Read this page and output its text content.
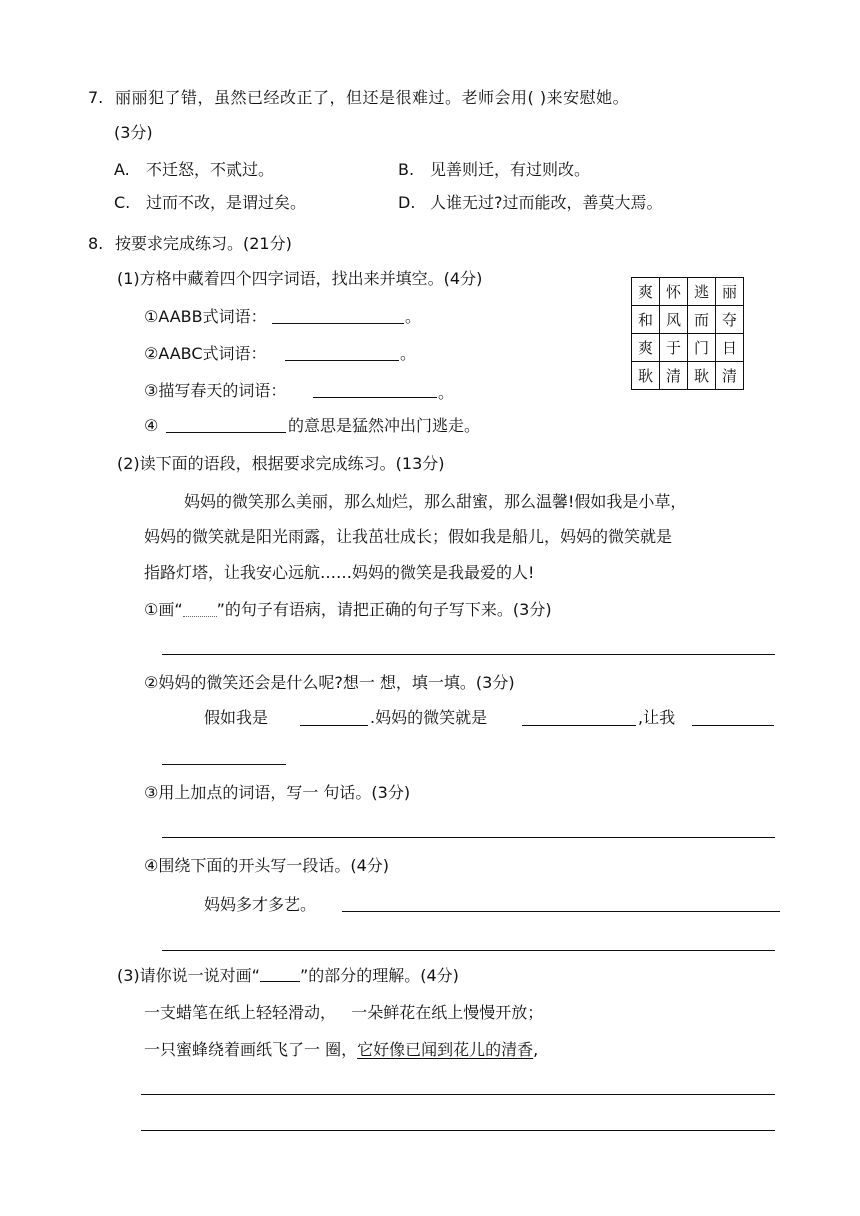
7. 丽丽犯了错，虽然已经改正了，但还是很难过。老师会用( )来安慰她。
(3分)
A. 不迁怒，不贰过。	B. 见善则迁，有过则改。
C. 过而不改，是谓过矣。	D. 人谁无过?过而能改，善莫大焉。
8. 按要求完成练习。(21分)
(1)方格中藏着四个四字词语，找出来并填空。(4分)
①AABB式词语：	。
②AABC式词语：	。
③描写春天的词语：	。
④	的意思是猛然冲出门逃走。
爽	怀	逃	丽
和	风	而	夺
爽	于	门	日
耿	清	耿	清
(2)读下面的语段，根据要求完成练习。(13分)
妈妈的微笑那么美丽，那么灿烂，那么甜蜜，那么温馨!假如我是小草，
妈妈的微笑就是阳光雨露，让我茁壮成长；假如我是船儿，妈妈的微笑就是
指路灯塔，让我安心远航……妈妈的微笑是我最爱的人!
①画“ ”的句子有语病，请把正确的句子写下来。(3分)
②妈妈的微笑还会是什么呢?想一 想，填一填。(3分)
假如我是	.妈妈的微笑就是	,让我
③用上加点的词语，写一 句话。(3分)
④围绕下面的开头写一段话。(4分)
妈妈多才多艺。
(3)请你说一说对画“	”的部分的理解。(4分)
一支蜡笔在纸上轻轻滑动，   一朵鲜花在纸上慢慢开放；
一只蜜蜂绕着画纸飞了一 圈，它好像已闻到花儿的清香,
